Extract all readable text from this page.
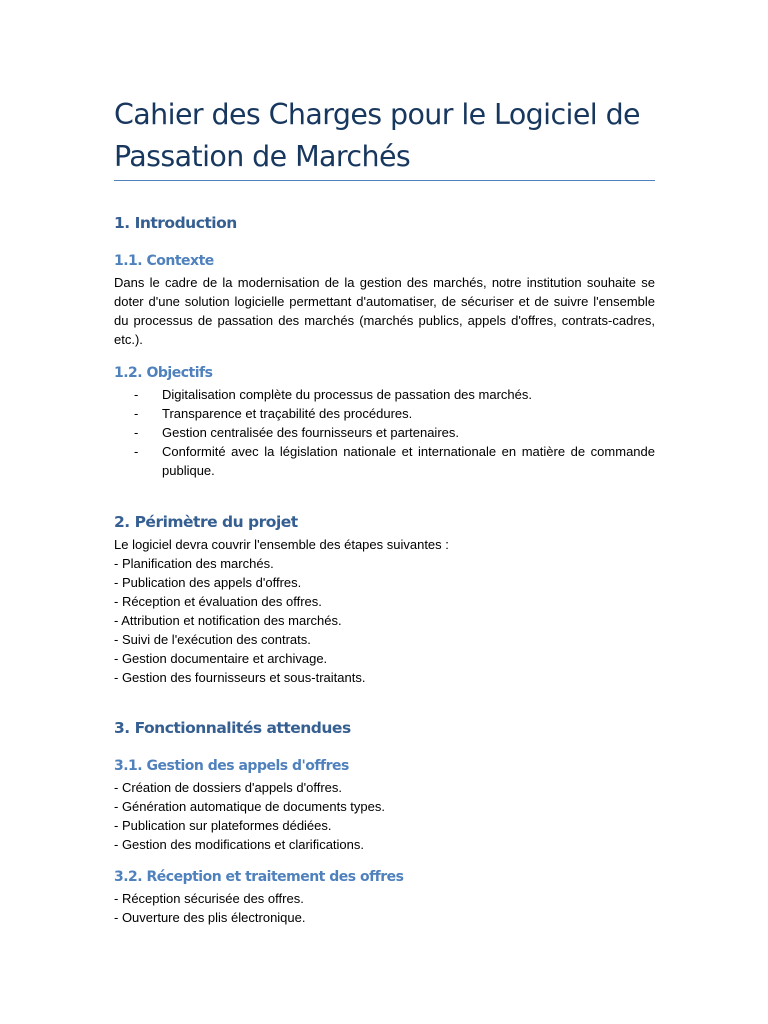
Cahier des Charges pour le Logiciel de Passation de Marchés
1. Introduction
1.1. Contexte

Dans le cadre de la modernisation de la gestion des marchés, notre institution souhaite se doter d'une solution logicielle permettant d'automatiser, de sécuriser et de suivre l'ensemble du processus de passation des marchés (marchés publics, appels d'offres, contrats-cadres, etc.).

1.2. Objectifs
- Digitalisation complète du processus de passation des marchés.
- Transparence et traçabilité des procédures.
- Gestion centralisée des fournisseurs et partenaires.
- Conformité avec la législation nationale et internationale en matière de commande publique.
2. Périmètre du projet
Le logiciel devra couvrir l'ensemble des étapes suivantes :
- Planification des marchés.
- Publication des appels d'offres.
- Réception et évaluation des offres.
- Attribution et notification des marchés.
- Suivi de l'exécution des contrats.
- Gestion documentaire et archivage.
- Gestion des fournisseurs et sous-traitants.
3. Fonctionnalités attendues
3.1. Gestion des appels d'offres
- Création de dossiers d'appels d'offres.
- Génération automatique de documents types.
- Publication sur plateformes dédiées.
- Gestion des modifications et clarifications.
3.2. Réception et traitement des offres
- Réception sécurisée des offres.
- Ouverture des plis électronique.
